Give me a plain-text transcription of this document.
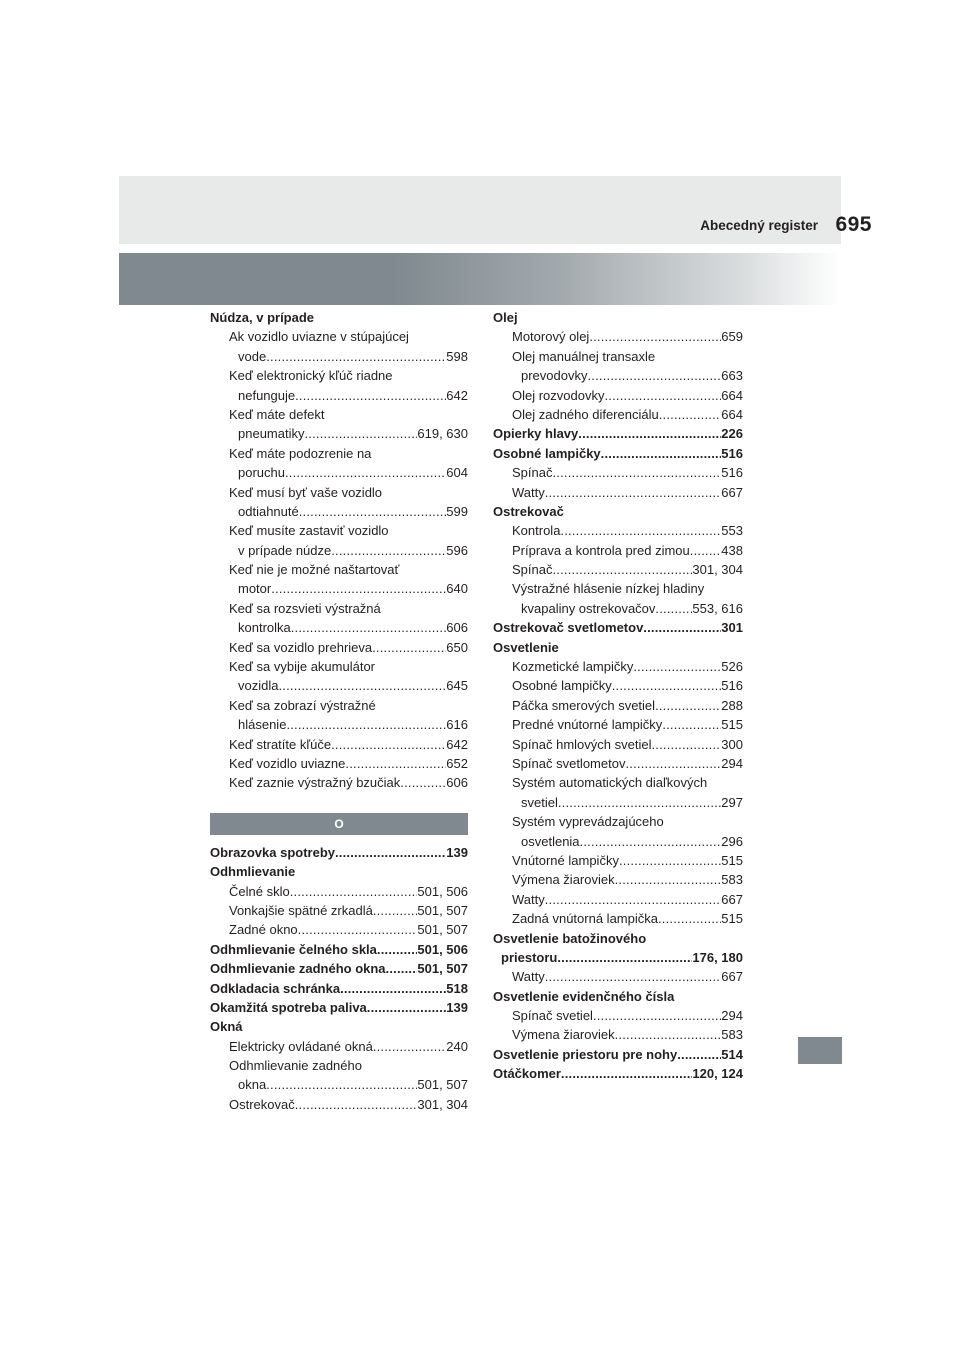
Abecedný register 695
Núdza, v prípade
Ak vozidlo uviazne v stúpajúcej
vode .....	598
Keď elektronický kľúč riadne
nefunguje .....	642
Keď máte defekt
pneumatiky .....	619, 630
Keď máte podozrenie na
poruchu .....	604
Keď musí byť vaše vozidlo
odtiahnuté .....	599
Keď musíte zastaviť vozidlo
v prípade núdze .....	596
Keď nie je možné naštartovať
motor .....	640
Keď sa rozsvieti výstražná
kontrolka .....	606
Keď sa vozidlo prehrieva .....	650
Keď sa vybije akumulátor
vozidla .....	645
Keď sa zobrazí výstražné
hlásenie .....	616
Keď stratíte kľúče .....	642
Keď vozidlo uviazne .....	652
Keď zaznie výstražný bzučiak .....	606
O
Obrazovka spotreby .....	139
Odhmlievanie
Čelné sklo .....	501, 506
Vonkajšie spätné zrkadlá .....	501, 507
Zadné okno .....	501, 507
Odhmlievanie čelného skla .....	501, 506
Odhmlievanie zadného okna ..... 501, 507
Odkladacia schránka .....	518
Okamžitá spotreba paliva .....	139
Okná
Elektricky ovládané okná .....	240
Odhmlievanie zadného
okna .....	501, 507
Ostrekovač .....	301, 304
Olej
Motorový olej .....	659
Olej manuálnej transaxle
prevodovky .....	663
Olej rozvodovky .....	664
Olej zadného diferenciálu .....	664
Opierky hlavy .....	226
Osobné lampičky .....	516
Spínač .....	516
Watty .....	667
Ostrekovač
Kontrola .....	553
Príprava a kontrola pred zimou ..... 438
Spínač .....	301, 304
Výstražné hlásenie nízkej hladiny
kvapaliny ostrekovačov .....	553, 616
Ostrekovač svetlometov .....	301
Osvetlenie
Kozmetické lampičky .....	526
Osobné lampičky .....	516
Páčka smerových svetiel .....	288
Predné vnútorné lampičky .....	515
Spínač hmlových svetiel .....	300
Spínač svetlometov .....	294
Systém automatických diaľkových
svetiel .....	297
Systém vyprevádzajúceho
osvetlenia .....	296
Vnútorné lampičky .....	515
Výmena žiaroviek .....	583
Watty .....	667
Zadná vnútorná lampička .....	515
Osvetlenie batožinového
priestoru .....	176, 180
Watty .....	667
Osvetlenie evidenčného čísla
Spínač svetiel .....	294
Výmena žiaroviek .....	583
Osvetlenie priestoru pre nohy .....	514
Otáčkomer .....	120, 124
